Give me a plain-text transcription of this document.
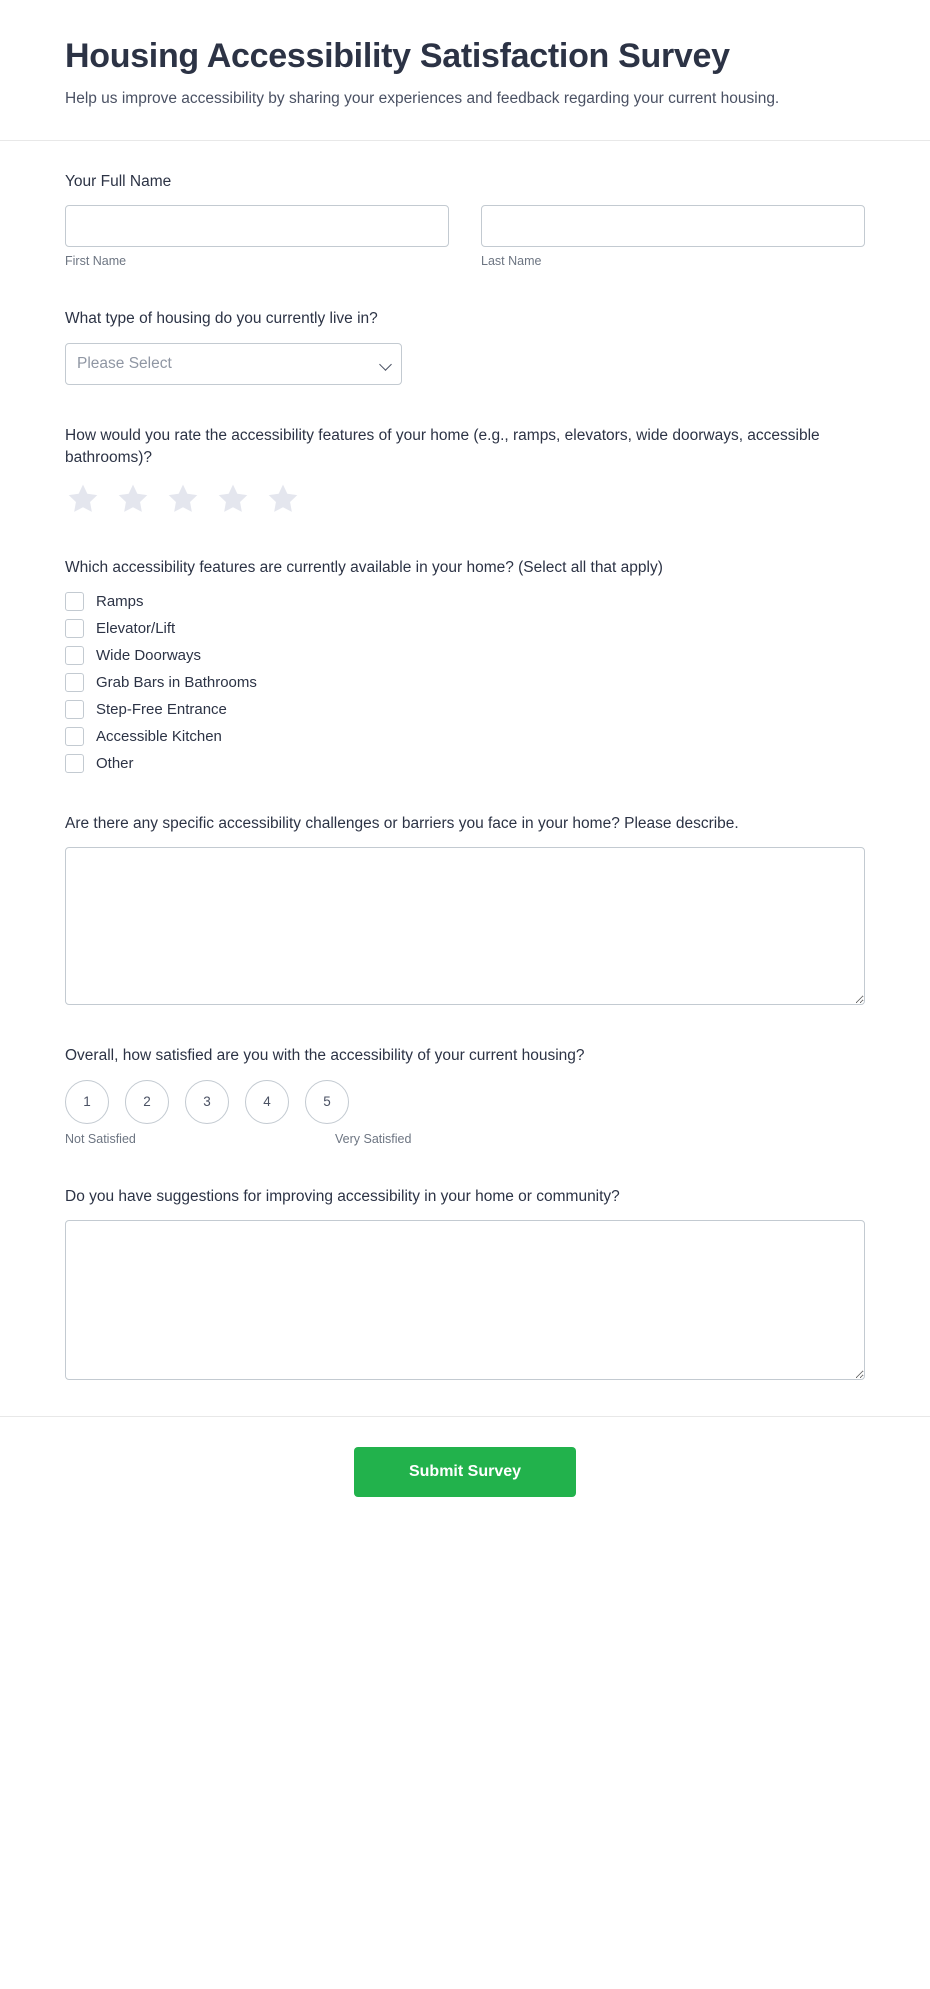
Housing Accessibility Satisfaction Survey

Help us improve accessibility by sharing your experiences and feedback regarding your current housing.

Your Full Name
First Name	Last Name
What type of housing do you currently live in?
Please Select
How would you rate the accessibility features of your home (e.g., ramps, elevators, wide doorways, accessible bathrooms)?
Which accessibility features are currently available in your home? (Select all that apply)
Ramps
Elevator/Lift
Wide Doorways
Grab Bars in Bathrooms
Step-Free Entrance
Accessible Kitchen
Other
Are there any specific accessibility challenges or barriers you face in your home? Please describe.
Overall, how satisfied are you with the accessibility of your current housing?
1	2	3	4	5
Not Satisfied	Very Satisfied
Do you have suggestions for improving accessibility in your home or community?
Submit Survey
